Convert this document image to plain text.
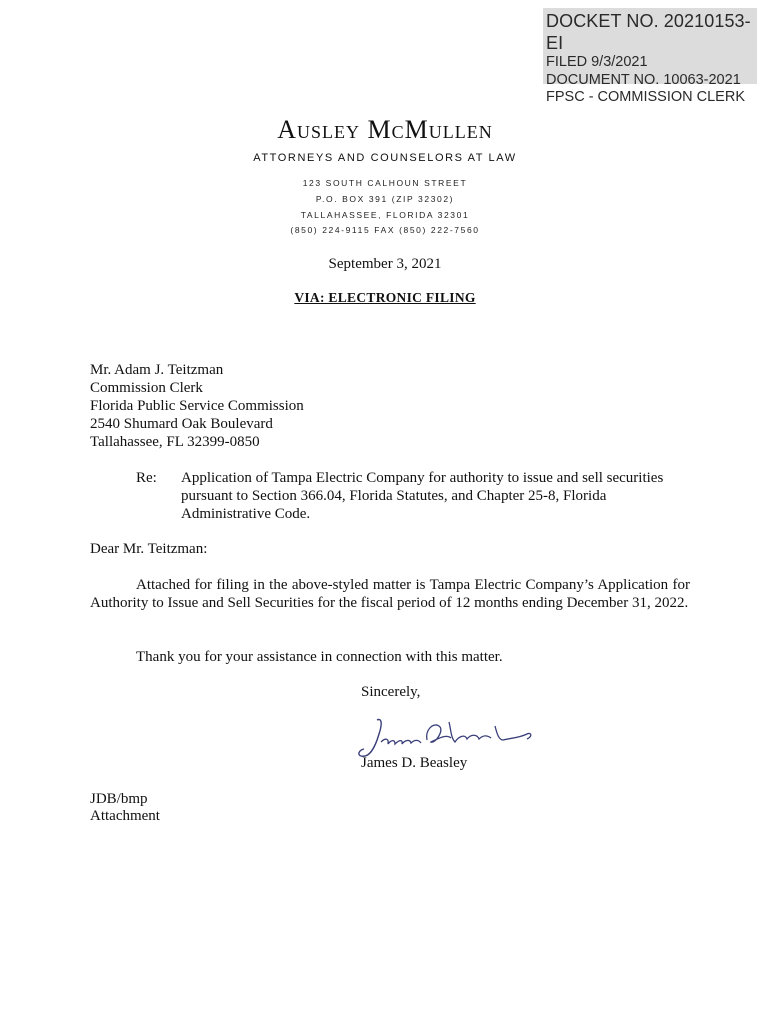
DOCKET NO. 20210153-EI
FILED 9/3/2021
DOCUMENT NO. 10063-2021
FPSC - COMMISSION CLERK
Ausley McMullen
ATTORNEYS AND COUNSELORS AT LAW
123 SOUTH CALHOUN STREET
P.O. BOX 391 (ZIP 32302)
TALLAHASSEE, FLORIDA 32301
(850) 224-9115 FAX (850) 222-7560
September 3, 2021
VIA: ELECTRONIC FILING
Mr. Adam J. Teitzman
Commission Clerk
Florida Public Service Commission
2540 Shumard Oak Boulevard
Tallahassee, FL 32399-0850
Re: Application of Tampa Electric Company for authority to issue and sell securities pursuant to Section 366.04, Florida Statutes, and Chapter 25-8, Florida Administrative Code.
Dear Mr. Teitzman:
Attached for filing in the above-styled matter is Tampa Electric Company’s Application for Authority to Issue and Sell Securities for the fiscal period of 12 months ending December 31, 2022.
Thank you for your assistance in connection with this matter.
Sincerely,
James D. Beasley
JDB/bmp
Attachment
